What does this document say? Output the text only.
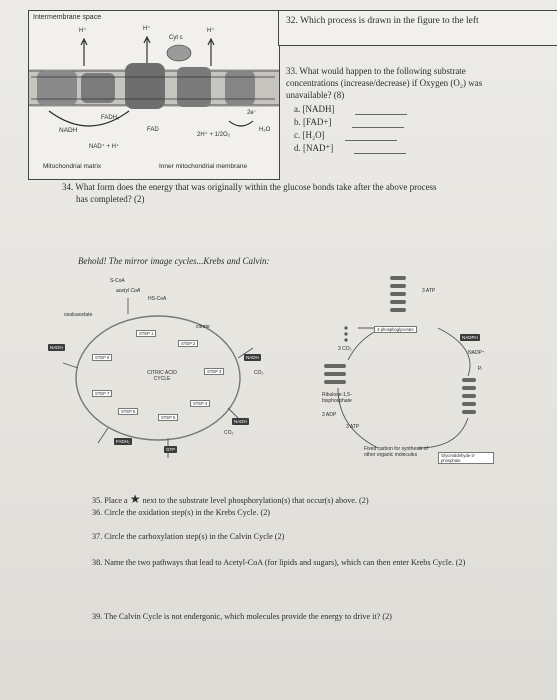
Intermembrane space
H⁺	H⁺
Cyt c
H⁺
FADH₂
FAD
NADH
NAD⁺ + H⁺
2H⁺ + 1/2O₂
H₂O
2e⁻
Mitochondrial matrix	Inner mitochondrial membrane
32. Which process is drawn in the figure to the left
33. What would happen to the following substrate
concentrations (increase/decrease) if Oxygen (O₂) was
unavailable? (8)
a. [NADH]
b. [FAD+]
c. [H₂O]
d. [NAD⁺]
34. What form does the energy that was originally within the glucose bonds take after the above process
has completed? (2)
Behold! The mirror image cycles...Krebs and Calvin:
S-CoA
acetyl CoA
HS-CoA
oxaloacetate
citrate
CITRIC ACID CYCLE
STEP 1
STEP 2
STEP 3
STEP 4
STEP 5
STEP 6
STEP 7
STEP 8
NADH
NADH
NADH
FADH₂
GTP
CO₂
CO₂
3 CO₂
3-phosphoglycerate
3 ATP
NADPH
NADP⁺
Pᵢ
Ribulose-1,5-bisphosphate
3 ADP
3 ATP
Fixed carbon for synthesis of other organic molecules	Glyceraldehyde-3-phosphate
35. Place a ★ next to the substrate level phosphorylation(s) that occur(s) above. (2)
36. Circle the oxidation step(s) in the Krebs Cycle. (2)
37. Circle the carboxylation step(s) in the Calvin Cycle (2)
38. Name the two pathways that lead to Acetyl-CoA (for lipids and sugars), which can then enter Krebs Cycle. (2)
39. The Calvin Cycle is not endergonic, which molecules provide the energy to drive it? (2)
